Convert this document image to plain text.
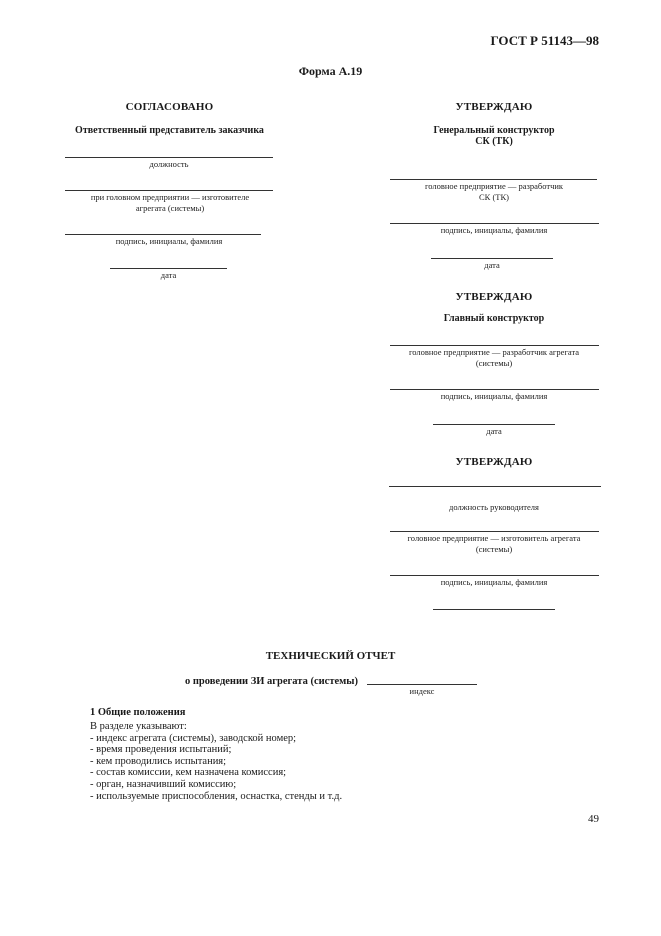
ГОСТ Р 51143—98
Форма А.19
СОГЛАСОВАНО
Ответственный представитель заказчика
должность
при головном предприятии — изготовителе агрегата (системы)
подпись, инициалы, фамилия
дата
УТВЕРЖДАЮ
Генеральный конструктор
СК (ТК)
головное предприятие — разработчик
СК (ТК)
подпись, инициалы, фамилия
дата
УТВЕРЖДАЮ
Главный конструктор
головное предприятие — разработчик агрегата
(системы)
подпись, инициалы, фамилия
дата
УТВЕРЖДАЮ
должность руководителя
головное предприятие — изготовитель агрегата
(системы)
подпись, инициалы, фамилия
ТЕХНИЧЕСКИЙ ОТЧЕТ
о проведении ЗИ агрегата (системы)
индекс
1 Общие положения
В разделе указывают:
- индекс агрегата (системы), заводской номер;
- время проведения испытаний;
- кем проводились испытания;
- состав комиссии, кем назначена комиссия;
- орган, назначивший комиссию;
- используемые приспособления, оснастка, стенды и т.д.
49
